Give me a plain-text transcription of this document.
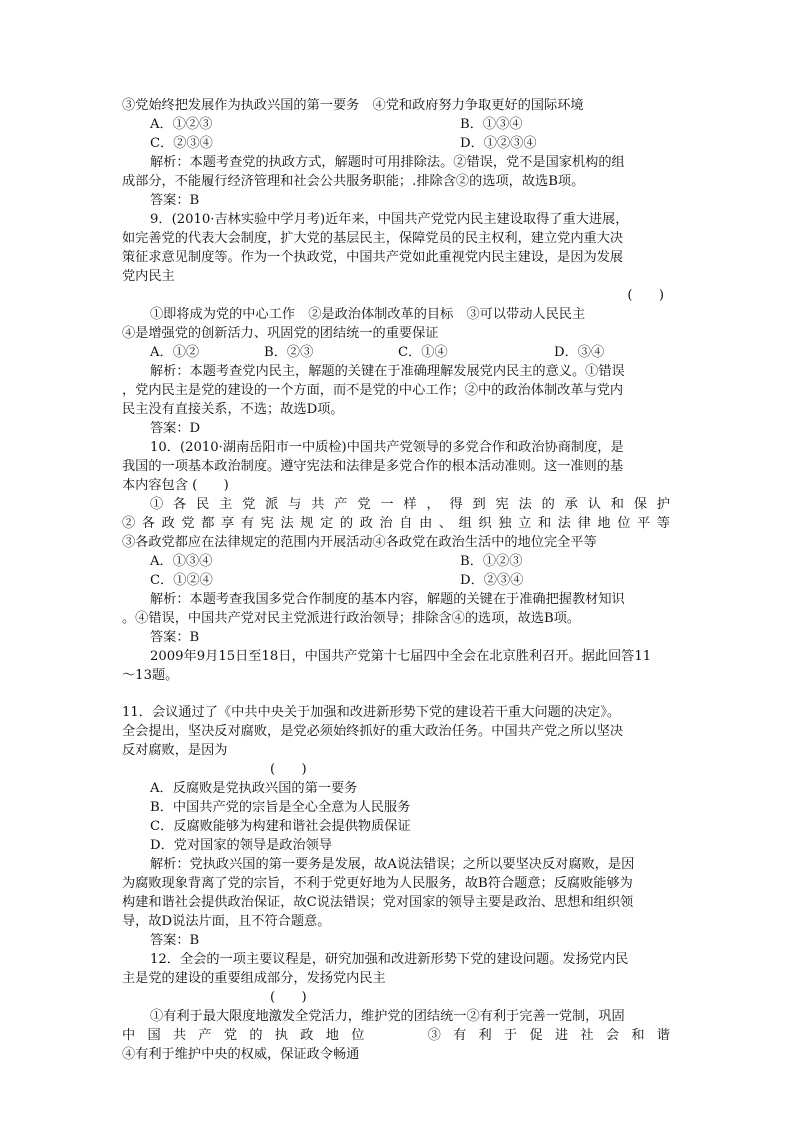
③党始终把发展作为执政兴国的第一要务　④党和政府努力争取更好的国际环境
A．①②③	B．①③④
C．②③④	D．①②③④
解析：本题考查党的执政方式，解题时可用排除法。②错误，党不是国家机构的组
成部分，不能履行经济管理和社会公共服务职能；.排除含②的选项，故选B项。
答案：B
9．(2010·吉林实验中学月考)近年来，中国共产党党内民主建设取得了重大进展，
如完善党的代表大会制度，扩大党的基层民主，保障党员的民主权利，建立党内重大决
策征求意见制度等。作为一个执政党，中国共产党如此重视党内民主建设，是因为发展
党内民主
(　　)
①即将成为党的中心工作　②是政治体制改革的目标　③可以带动人民民主
④是增强党的创新活力、巩固党的团结统一的重要保证
A．①②	B．②③	C．①④	D．③④
解析：本题考查党内民主，解题的关键在于准确理解发展党内民主的意义。①错误
，党内民主是党的建设的一个方面，而不是党的中心工作；②中的政治体制改革与党内
民主没有直接关系，不选；故选D项。
答案：D
10．(2010·湖南岳阳市一中质检)中国共产党领导的多党合作和政治协商制度，是
我国的一项基本政治制度。遵守宪法和法律是多党合作的根本活动准则。这一准则的基
本内容包含 (　　)
①各民主党派与共产党一样，得到宪法的承认和保护
②各政党都享有宪法规定的政治自由、组织独立和法律地位平等
③各政党都应在法律规定的范围内开展活动④各政党在政治生活中的地位完全平等
A．①③④	B．①②③
C．①②④	D．②③④
解析：本题考查我国多党合作制度的基本内容，解题的关键在于准确把握教材知识
。④错误，中国共产党对民主党派进行政治领导；排除含④的选项，故选B项。
答案：B
2009年9月15日至18日，中国共产党第十七届四中全会在北京胜利召开。据此回答11
～13题。
11．会议通过了《中共中央关于加强和改进新形势下党的建设若干重大问题的决定》。
全会提出，坚决反对腐败，是党必须始终抓好的重大政治任务。中国共产党之所以坚决
反对腐败，是因为
(　　)
A．反腐败是党执政兴国的第一要务
B．中国共产党的宗旨是全心全意为人民服务
C．反腐败能够为构建和谐社会提供物质保证
D．党对国家的领导是政治领导
解析：党执政兴国的第一要务是发展，故A说法错误；之所以要坚决反对腐败，是因
为腐败现象背离了党的宗旨，不利于党更好地为人民服务，故B符合题意；反腐败能够为
构建和谐社会提供政治保证，故C说法错误；党对国家的领导主要是政治、思想和组织领
导，故D说法片面，且不符合题意。
答案：B
12．全会的一项主要议程是，研究加强和改进新形势下党的建设问题。发扬党内民
主是党的建设的重要组成部分，发扬党内民主
(　　)
①有利于最大限度地激发全党活力，维护党的团结统一②有利于完善一党制，巩固
中国共产党的执政地位　　③有利于促进社会和谐
④有利于维护中央的权威，保证政令畅通
